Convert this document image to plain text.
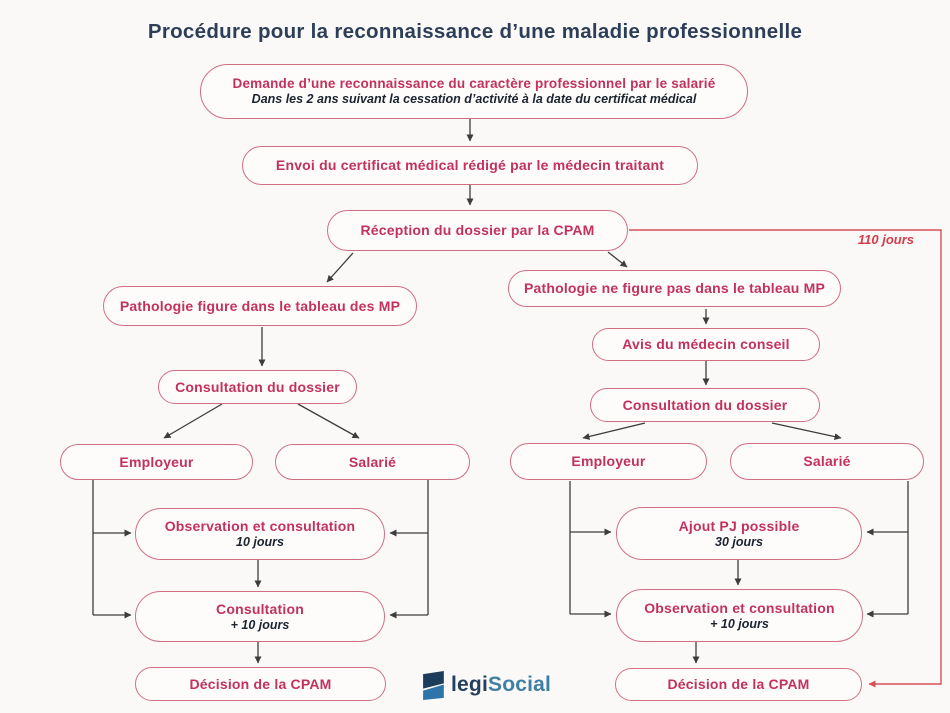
Procédure pour la reconnaissance d’une maladie professionnelle
Demande d’une reconnaissance du caractère professionnel par le salarié
Dans les 2 ans suivant la cessation d’activité à la date du certificat médical
Envoi du certificat médical rédigé par le médecin traitant
Réception du dossier par la CPAM
Pathologie figure dans le tableau des MP
Pathologie ne figure pas dans le tableau MP
Avis du médecin conseil
Consultation du dossier
Consultation du dossier
Employeur	Salarié	Employeur	Salarié
Observation et consultation
10 jours
Ajout PJ possible
30 jours
Consultation
+ 10 jours
Observation et consultation
+ 10 jours
Décision de la CPAM	Décision de la CPAM
110 jours
legiSocial
